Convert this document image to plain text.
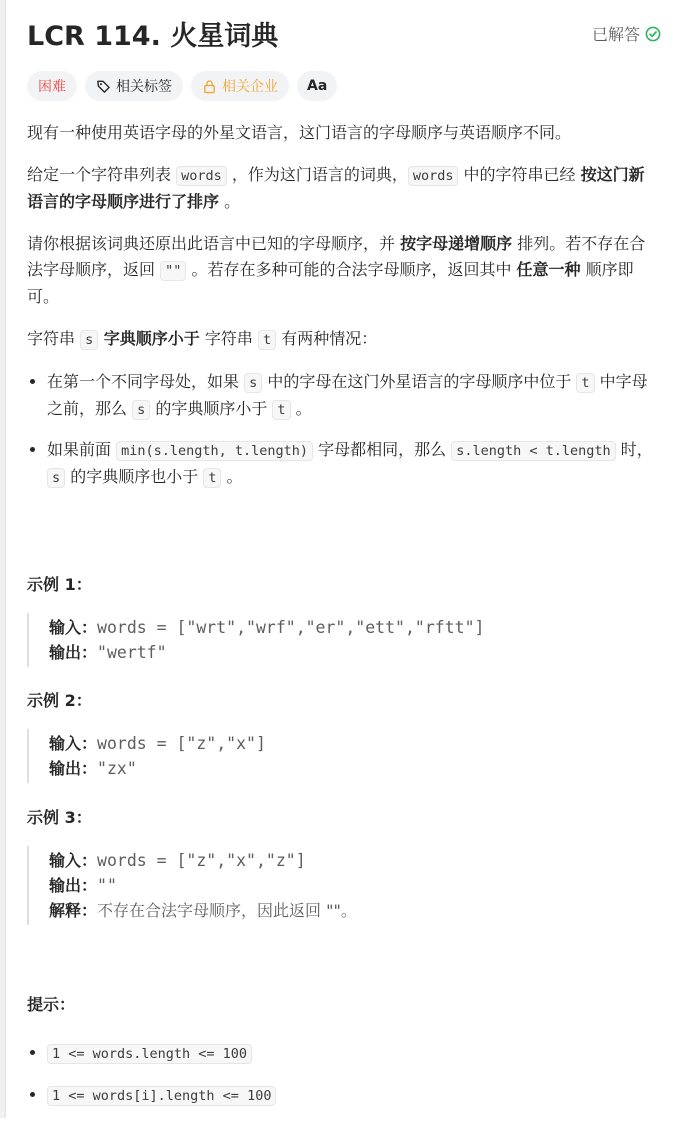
LCR 114. 火星词典	已解答
困难	相关标签	相关企业 Aa

现有一种使用英语字母的外星文语言，这门语言的字母顺序与英语顺序不同。

给定一个字符串列表 words ，作为这门语言的词典， words 中的字符串已经 按这门新语言的字母顺序进行了排序 。

请你根据该词典还原出此语言中已知的字母顺序，并 按字母递增顺序 排列。若不存在合法字母顺序，返回 "" 。若存在多种可能的合法字母顺序，返回其中 任意一种 顺序即可。

字符串 s 字典顺序小于 字符串 t 有两种情况：

• 在第一个不同字母处，如果 s 中的字母在这门外星语言的字母顺序中位于 t 中字母之前，那么 s 的字典顺序小于 t 。
• 如果前面 min(s.length, t.length) 字母都相同，那么 s.length < t.length 时，s 的字典顺序也小于 t 。

示例 1：

输入：words = ["wrt","wrf","er","ett","rftt"]
输出："wertf"

示例 2：

输入：words = ["z","x"]
输出："zx"

示例 3：

输入：words = ["z","x","z"]
输出：""
解释：不存在合法字母顺序，因此返回 ""。

提示：

• 1 <= words.length <= 100
• 1 <= words[i].length <= 100
